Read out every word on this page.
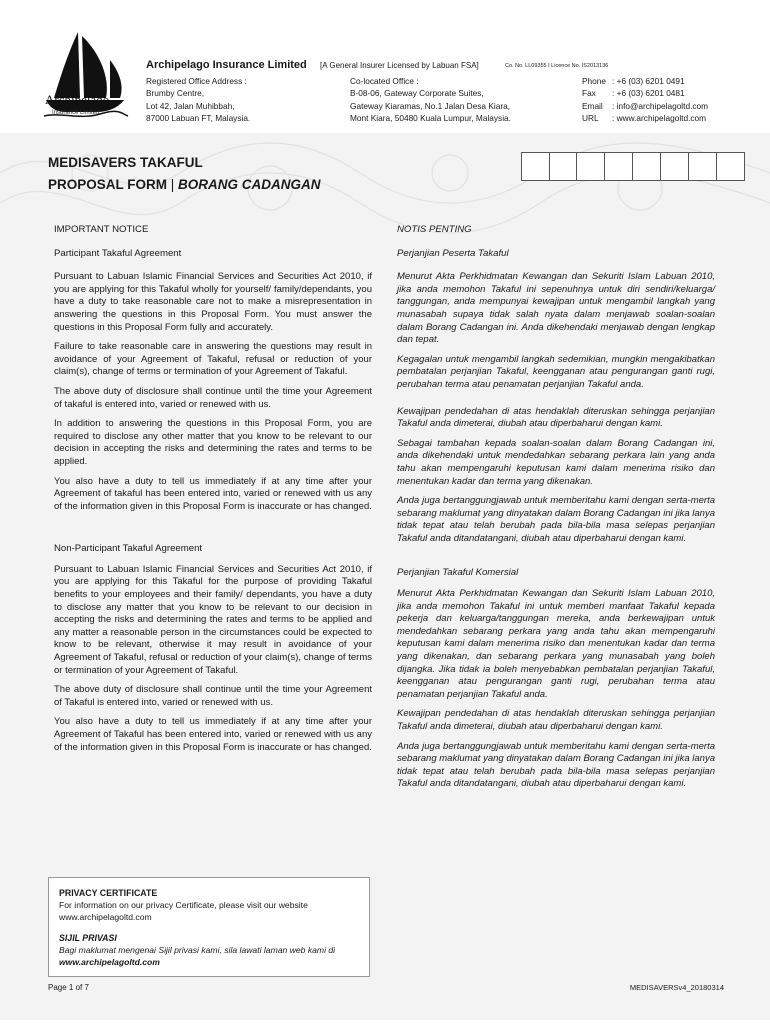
Archipelago
Insurance Limited
Archipelago Insurance Limited [A General Insurer Licensed by Labuan FSA]	Co. No. LL09355 I Licence No. IS2013136
Registered Office Address :
Brumby Centre,
Lot 42, Jalan Muhibbah,
87000 Labuan FT, Malaysia.
Co-located Office :
B-08-06, Gateway Corporate Suites,
Gateway Kiaramas, No.1 Jalan Desa Kiara,
Mont Kiara, 50480 Kuala Lumpur, Malaysia.
Phone	: +6 (03) 6201 0491
Fax	: +6 (03) 6201 0481
Email	: info@archipelagoltd.com
URL	: www.archipelagoltd.com
MEDISAVERS TAKAFUL
PROPOSAL FORM | BORANG CADANGAN

IMPORTANT NOTICE

Participant Takaful Agreement

Pursuant to Labuan Islamic Financial Services and Securities Act 2010, if you are applying for this Takaful wholly for yourself/ family/dependants, you have a duty to take reasonable care not to make a misrepresentation in answering the questions in this Proposal Form. You must answer the questions in this Proposal Form fully and accurately.

Failure to take reasonable care in answering the questions may result in avoidance of your Agreement of Takaful, refusal or reduction of your claim(s), change of terms or termination of your Agreement of Takaful.

The above duty of disclosure shall continue until the time your Agreement of takaful is entered into, varied or renewed with us.

In addition to answering the questions in this Proposal Form, you are required to disclose any other matter that you know to be relevant to our decision in accepting the risks and determining the rates and terms to be applied.

You also have a duty to tell us immediately if at any time after your Agreement of takaful has been entered into, varied or renewed with us any of the information given in this Proposal Form is inaccurate or has changed.

Non-Participant Takaful Agreement

Pursuant to Labuan Islamic Financial Services and Securities Act 2010, if you are applying for this Takaful for the purpose of providing Takaful benefits to your employees and their family/ dependants, you have a duty to disclose any matter that you know to be relevant to our decision in accepting the risks and determining the rates and terms to be applied and any matter a reasonable person in the circumstances could be expected to know to be relevant, otherwise it may result in avoidance of your Agreement of Takaful, refusal or reduction of your claim(s), change of terms or termination of your Agreement of Takaful.

The above duty of disclosure shall continue until the time your Agreement of Takaful is entered into, varied or renewed with us.

You also have a duty to tell us immediately if at any time after your Agreement of Takaful has been entered into, varied or renewed with us any of the information given in this Proposal Form is inaccurate or has changed.

NOTIS PENTING

Perjanjian Peserta Takaful

Menurut Akta Perkhidmatan Kewangan dan Sekuriti Islam Labuan 2010, jika anda memohon Takaful ini sepenuhnya untuk diri sendiri/keluarga/ tanggungan, anda mempunyai kewajipan untuk mengambil langkah yang munasabah supaya tidak salah nyata dalam menjawab soalan-soalan dalam Borang Cadangan ini. Anda dikehendaki menjawab dengan lengkap dan tepat.

Kegagalan untuk mengambil langkah sedemikian, mungkin mengakibatkan pembatalan perjanjian Takaful, keengganan atau pengurangan ganti rugi, perubahan terma atau penamatan perjanjian Takaful anda.

Kewajipan pendedahan di atas hendaklah diteruskan sehingga perjanjian Takaful anda dimeterai, diubah atau diperbaharui dengan kami.

Sebagai tambahan kepada soalan-soalan dalam Borang Cadangan ini, anda dikehendaki untuk mendedahkan sebarang perkara lain yang anda tahu akan mempengaruhi keputusan kami dalam menerima risiko dan menentukan kadar dan terma yang dikenakan.

Anda juga bertanggungjawab untuk memberitahu kami dengan serta-merta sebarang maklumat yang dinyatakan dalam Borang Cadangan ini jika lanya tidak tepat atau telah berubah pada bila-bila masa selepas perjanjian Takaful anda ditandatangani, diubah atau diperbaharui dengan kami.

Perjanjian Takaful Komersial

Menurut Akta Perkhidmatan Kewangan dan Sekuriti Islam Labuan 2010, jika anda memohon Takaful ini untuk memberi manfaat Takaful kepada pekerja dan keluarga/tanggungan mereka, anda berkewajipan untuk mendedahkan sebarang perkara yang anda tahu akan mempengaruhi keputusan kami dalam menerima risiko dan menentukan kadar dan terma yang dikenakan, dan sebarang perkara yang munasabah yang boleh dijangka. Jika tidak ia boleh menyebabkan pembatalan perjanjian Takaful, keengganan atau pengurangan ganti rugi, perubahan terma atau penamatan perjanjian Takaful anda.

Kewajipan pendedahan di atas hendaklah diteruskan sehingga perjanjian Takaful anda dimeterai, diubah atau diperbaharui dengan kami.

Anda juga bertanggungjawab untuk memberitahu kami dengan serta-merta sebarang maklumat yang dinyatakan dalam Borang Cadangan ini jika lanya tidak tepat atau telah berubah pada bila-bila masa selepas perjanjian Takaful anda ditandatangani, diubah atau diperbaharui dengan kami.

PRIVACY CERTIFICATE
For information on our privacy Certificate, please visit our website
www.archipelagoltd.com
SIJIL PRIVASI
Bagi maklumat mengenai Sijil privasi kami, sila lawati laman web kami di www.archipelagoltd.com
Page 1 of 7	MEDISAVERSv4_20180314
